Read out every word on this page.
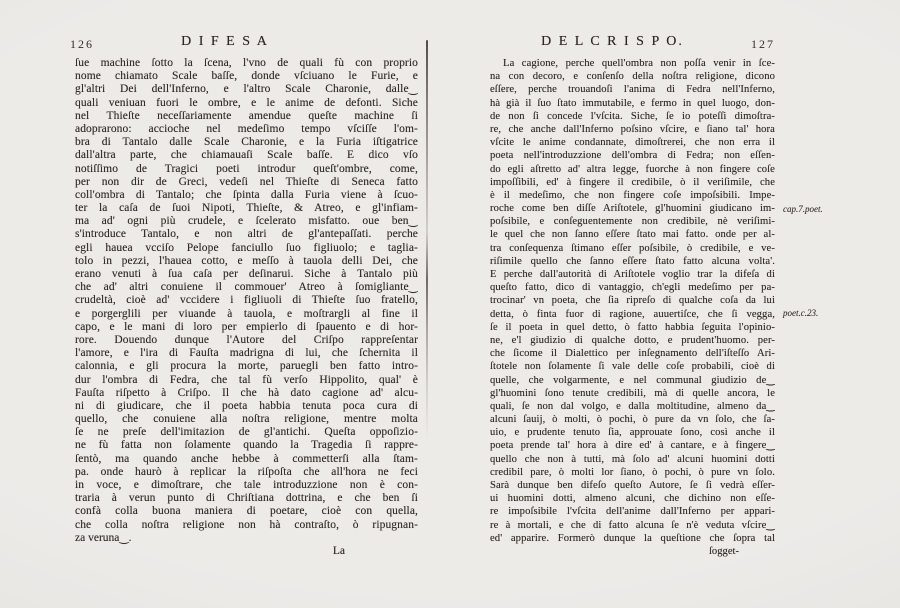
126	D I F E S A
ſue machine ſotto la ſcena, l'vno de quali fù con proprio
nome chiamato Scale baſſe, donde vſciuano le Furie, e
gl'altri Dei dell'Inferno, e l'altro Scale Charonie, dalle‿
quali veniuan fuori le ombre, e le anime de defonti. Siche
nel Thieſte neceſſariamente amendue queſte machine ſi
adoprarono: accioche nel medeſimo tempo vſciſſe l'om-
bra di Tantalo dalle Scale Charonie, e la Furia iſtigatrice
dall'altra parte, che chiamauaſi Scale baſſe. E dico vſo
notiſſimo de Tragici poeti introdur queſt'ombre, come,
per non dir de Greci, vedeſi nel Thieſte di Seneca fatto
coll'ombra di Tantalo; che ſpinta dalla Furia viene à ſcuo-
ter la caſa de ſuoi Nipoti, Thieſte, & Atreo, e gl'infiam-
ma ad' ogni più crudele, e ſcelerato misfatto. oue ben‿
s'introduce Tantalo, e non altri de gl'antepaſſati. perche
egli hauea vcciſo Pelope fanciullo ſuo figliuolo; e taglia-
tolo in pezzi, l'hauea cotto, e meſſo à tauola delli Dei, che
erano venuti à ſua caſa per deſinarui. Siche à Tantalo più
che ad' altri conuiene il commouer' Atreo à ſomigliante‿
crudeltà, cioè ad' vccidere i figliuoli di Thieſte ſuo fratello,
e porgerglili per viuande à tauola, e moſtrargli al fine il
capo, e le mani di loro per empierlo di ſpauento e di hor-
rore. Douendo dunque l'Autore del Criſpo rappreſentar
l'amore, e l'ira di Fauſta madrigna di lui, che ſchernita il
calonnia, e gli procura la morte, paruegli ben fatto intro-
dur l'ombra di Fedra, che tal fù verſo Hippolito, qual' è
Fauſta riſpetto à Criſpo. Il che hà dato cagione ad' alcu-
ni di giudicare, che il poeta habbia tenuta poca cura di
quello, che conuiene alla noſtra religione, mentre molta
ſe ne preſe dell'imitazion de gl'antichi. Queſta oppoſizio-
ne fù fatta non ſolamente quando la Tragedia ſi rappre-
ſentò, ma quando anche hebbe à commetterſi alla ſtam-
pa. onde haurò à replicar la riſpoſta che all'hora ne feci
in voce, e dimoſtrare, che tale introduzzione non è con-
traria à verun punto di Chriſtiana dottrina, e che ben ſi
confà colla buona maniera di poetare, cioè con quella,
che colla noſtra religione non hà contraſto, ò ripugnan-
za veruna‿.
La
D E L C R I S P O.	127
La cagione, perche quell'ombra non poſſa venir in ſce-
na con decoro, e conſenſo della noſtra religione, dicono
eſſere, perche trouandoſi l'anima di Fedra nell'Inferno,
hà già il ſuo ſtato immutabile, e fermo in quel luogo, don-
de non ſi concede l'vſcita. Siche, ſe io poteſſi dimoſtra-
re, che anche dall'Inferno poſsino vſcire, e ſiano tal' hora
vſcite le anime condannate, dimoſtrerei, che non erra il
poeta nell'introduzzione dell'ombra di Fedra; non eſſen-
do egli aſtretto ad' altra legge, fuorche à non fingere coſe
impoſſibili, ed' à fingere il credibile, ò il veriſimile, che
è il medeſimo, che non fingere coſe impoſsibili. Impe-
roche come ben diſſe Ariſtotele, gl'huomini giudicano im-
poſsibile, e conſeguentemente non credibile, nè veriſimi-
le quel che non ſanno eſſere ſtato mai fatto. onde per al-
tra conſequenza ſtimano eſſer poſsibile, ò credibile, e ve-
riſimile quello che ſanno eſſere ſtato fatto alcuna volta'.
E perche dall'autorità di Ariſtotele voglio trar la difeſa di
queſto fatto, dico di vantaggio, ch'egli medeſimo per pa-
trocinar' vn poeta, che ſia ripreſo di qualche coſa da lui
detta, ò finta fuor di ragione, auuertiſce, che ſi vegga,
ſe il poeta in quel detto, ò fatto habbia ſeguita l'opinio-
ne, e'l giudizio di qualche dotto, e prudent'huomo. per-
che ſicome il Dialettico per inſegnamento dell'iſteſſo Ari-
ſtotele non ſolamente ſi vale delle coſe probabili, cioè di
quelle, che volgarmente, e nel communal giudizio de‿
gl'huomini ſono tenute credibili, mà di quelle ancora, le
quali, ſe non dal volgo, e dalla moltitudine, almeno da‿
alcuni ſauij, ò molti, ò pochi, ò pure da vn ſolo, che ſa-
uio, e prudente tenuto ſia, approuate ſono, così anche il
poeta prende tal' hora à dire ed' à cantare, e à fingere‿
quello che non à tutti, mà ſolo ad' alcuni huomini dotti
credibil pare, ò molti lor ſiano, ò pochi, ò pure vn ſolo.
Sarà dunque ben difeſo queſto Autore, ſe ſi vedrà eſſer-
ui huomini dotti, almeno alcuni, che dichino non eſſe-
re impoſsibile l'vſcita dell'anime dall'Inferno per appari-
re à mortali, e che di fatto alcuna ſe n'è veduta vſcire‿
ed' apparire. Formerò dunque la queſtione che ſopra tal
cap.7.poet.
poet.c.23.
ſogget-
